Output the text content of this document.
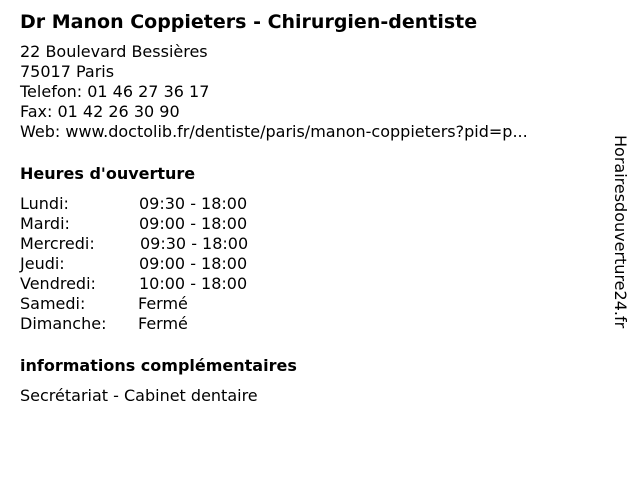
Dr Manon Coppieters - Chirurgien-dentiste
22 Boulevard Bessières
75017 Paris
Telefon: 01 46 27 36 17
Fax: 01 42 26 30 90
Web: www.doctolib.fr/dentiste/paris/manon-coppieters?pid=p...
Heures d'ouverture
Lundi:	09:30 - 18:00
Mardi:	09:00 - 18:00
Mercredi:	09:30 - 18:00
Jeudi:	09:00 - 18:00
Vendredi:	10:00 - 18:00
Samedi:	Fermé
Dimanche: Fermé
informations complémentaires
Secrétariat - Cabinet dentaire
Horairesdouverture24.fr
